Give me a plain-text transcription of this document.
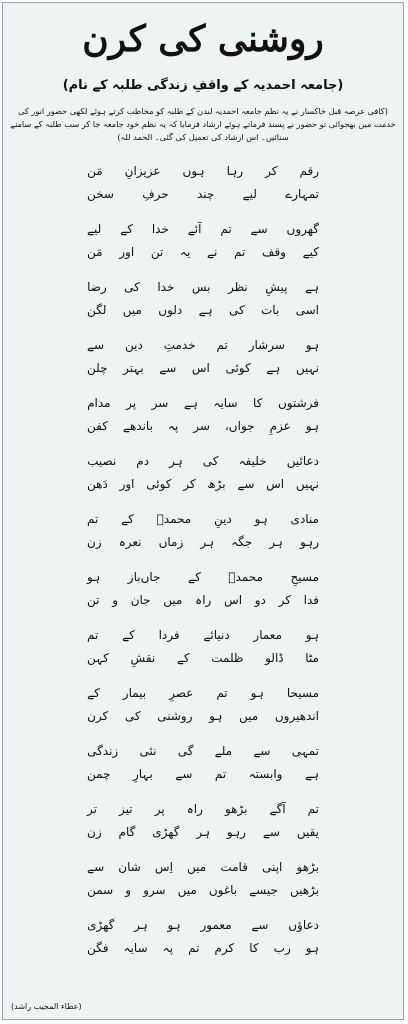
روشنی کی کرن
(جامعہ احمدیہ کے واقفِ زندگی طلبہ کے نام)
(کافی عرصہ قبل خاکسار نے یہ نظم جامعہ احمدیہ لندن کے طلبہ کو مخاطب کرتے ہوئے لکھی حضور انور کی خدمت میں بھجوائی تو حضور نے پسند فرماتے ہوئے ارشاد فرمایا کہ یہ نظم خود جامعہ جا کر سب طلبہ کے سامنے سنائیں۔ اس ارشاد کی تعمیل کی گئی۔ الحمد للہ)
رقم
کر
رہا
ہوں
عزیزانِ
مَن
تمہارے
لیے
چند
حرفِ
سخن
گھروں
سے
تم
آئے
خدا
کے
لیے
کیے
وقف
تم
نے
یہ
تن
اور
مَن
ہے
پیشِ
نظر
بس
خدا
کی
رضا
اسی
بات
کی
ہے
دلوں
میں
لگن
ہو
سرشار
تم
خدمتِ
دین
سے
نہیں
ہے
کوئی
اس
سے
بہتر
چلن
فرشتوں
کا
سایہ
ہے
سر
پر
مدام
ہو
عزمِ
جواں،
سر
پہ
باندھے
کفن
دعائیں
خلیفہ
کی
ہر
دم
نصیب
نہیں
اس
سے
بڑھ
کر
کوئی
اور
دَھن
منادی
ہو
دینِ
محمدؐ
کے
تم
رہو
ہر
جگہ
ہر
زماں
نعرہ
زن
مسیحِ
محمدؐ
کے
جاں‌باز
ہو
فدا
کر
دو
اس
راہ
میں
جان
و
تن
ہو
معمار
دنیائے
فردا
کے
تم
مٹا
ڈالو
ظلمت
کے
نقشِ
کہن
مسیحا
ہو
تم
عصرِ
بیمار
کے
اندھیروں
میں
ہو
روشنی
کی
کرن
تمہی
سے
ملے
گی
نئی
زندگی
ہے
وابستہ
تم
سے
بہارِ
چمن
تم
آگے
بڑھو
راہ
پر
تیز
تر
یقیں
سے
رہو
ہر
گھڑی
گام
زن
بڑھو
اپنی
قامت
میں
اِس
شان
سے
بڑھیں
جیسے
باغوں
میں
سرو
و
سمن
دعاؤں
سے
معمور
ہو
ہر
گھڑی
ہو
رب
کا
کرم
تم
پہ
سایہ
فگن
(عطاء المجیب راشد)
